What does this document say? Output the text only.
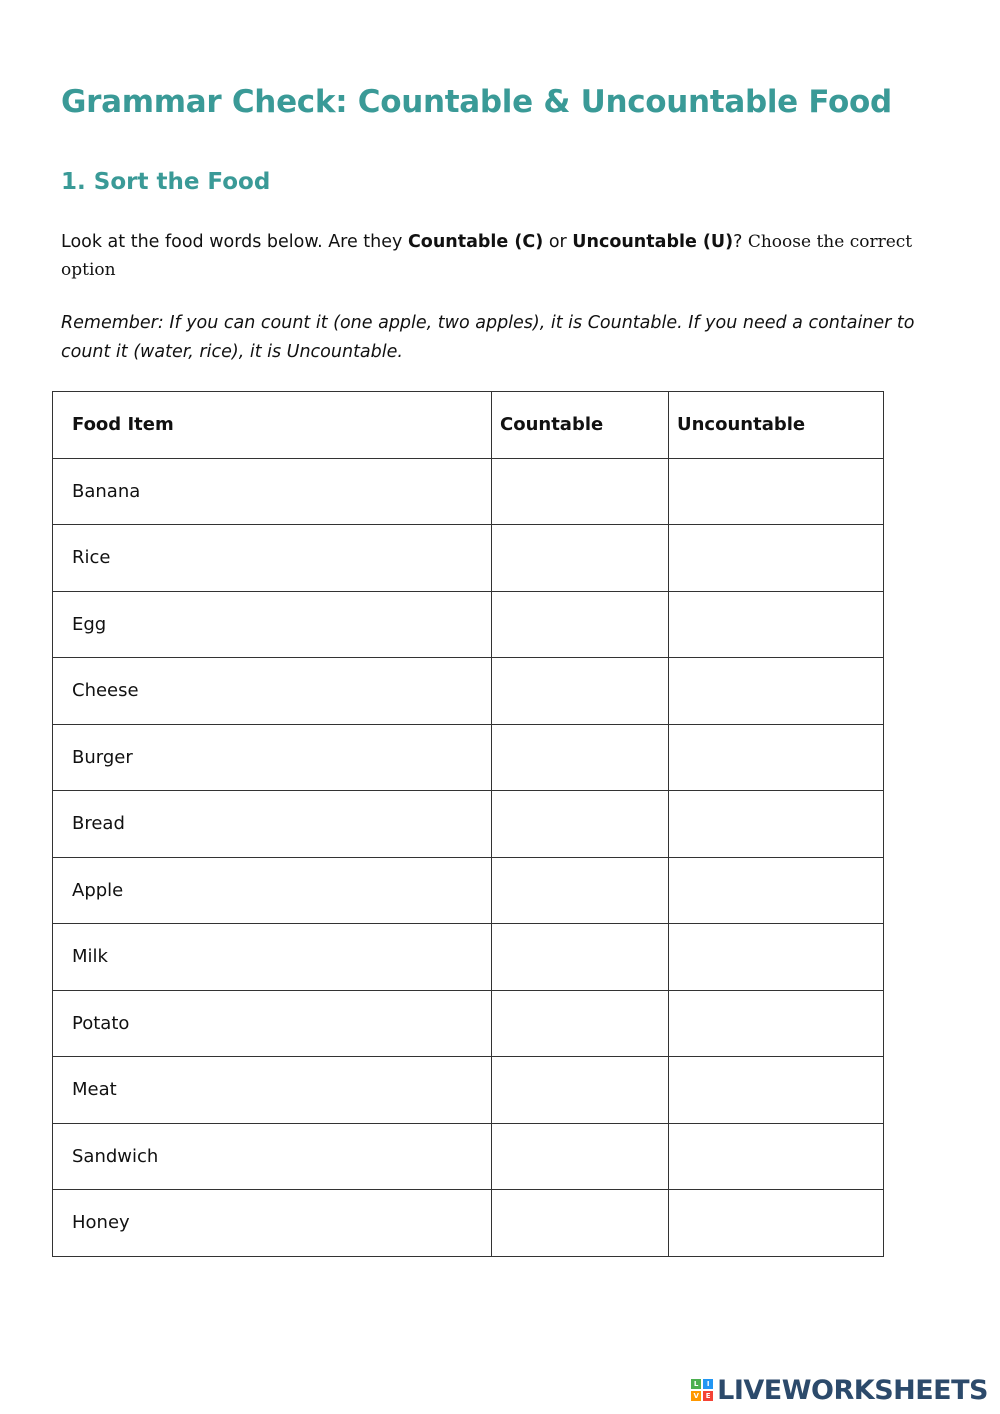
Grammar Check: Countable & Uncountable Food
1. Sort the Food

Look at the food words below. Are they Countable (C) or Uncountable (U)? Choose the correct option

Remember: If you can count it (one apple, two apples), it is Countable. If you need a container to count it (water, rice), it is Uncountable.

Food Item	Countable	Uncountable
Banana		
Rice		
Egg		
Cheese		
Burger		
Bread		
Apple		
Milk		
Potato		
Meat		
Sandwich		
Honey		
L	I
V E LIVEWORKSHEETS
